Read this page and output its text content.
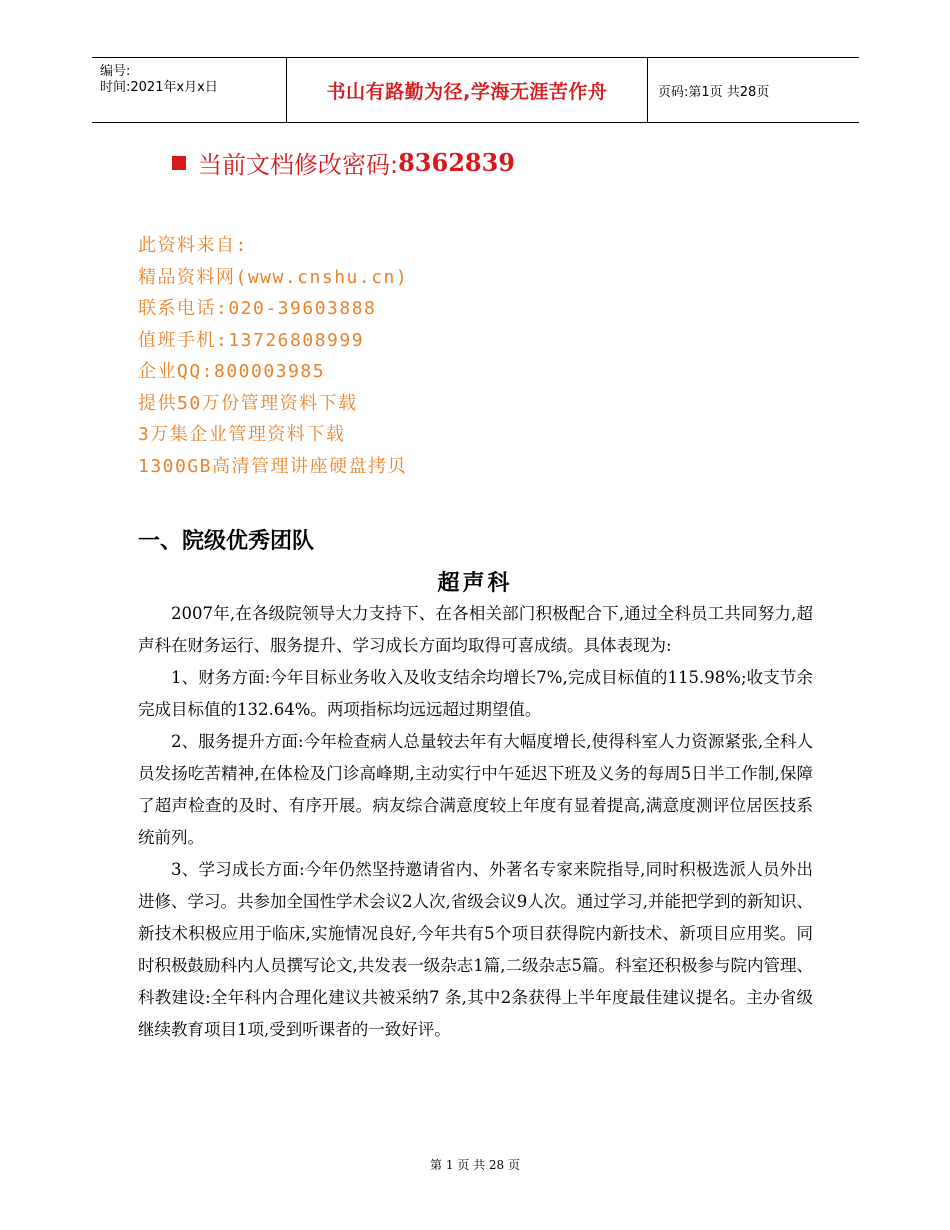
编号:
时间:2021年x月x日	书山有路勤为径,学海无涯苦作舟	页码:第1页 共28页
当前文档修改密码: 8362839
此资料来自:
精品资料网(www.cnshu.cn)
联系电话:020-39603888
值班手机:13726808999
企业QQ:800003985
提供50万份管理资料下载
3万集企业管理资料下载
1300GB高清管理讲座硬盘拷贝
一、院级优秀团队
超声科

2007年,在各级院领导大力支持下、在各相关部门积极配合下,通过全科员工共同努力,超声科在财务运行、服务提升、学习成长方面均取得可喜成绩。具体表现为:

1、财务方面:今年目标业务收入及收支结余均增长7%,完成目标值的115.98%;收支节余完成目标值的132.64%。两项指标均远远超过期望值。

2、服务提升方面:今年检查病人总量较去年有大幅度增长,使得科室人力资源紧张,全科人员发扬吃苦精神,在体检及门诊高峰期,主动实行中午延迟下班及义务的每周5日半工作制,保障了超声检查的及时、有序开展。病友综合满意度较上年度有显着提高,满意度测评位居医技系统前列。

3、学习成长方面:今年仍然坚持邀请省内、外著名专家来院指导,同时积极选派人员外出进修、学习。共参加全国性学术会议2人次,省级会议9人次。通过学习,并能把学到的新知识、新技术积极应用于临床,实施情况良好,今年共有5个项目获得院内新技术、新项目应用奖。同时积极鼓励科内人员撰写论文,共发表一级杂志1篇,二级杂志5篇。科室还积极参与院内管理、科教建设:全年科内合理化建议共被采纳7 条,其中2条获得上半年度最佳建议提名。主办省级继续教育项目1项,受到听课者的一致好评。

第 1 页 共 28 页
